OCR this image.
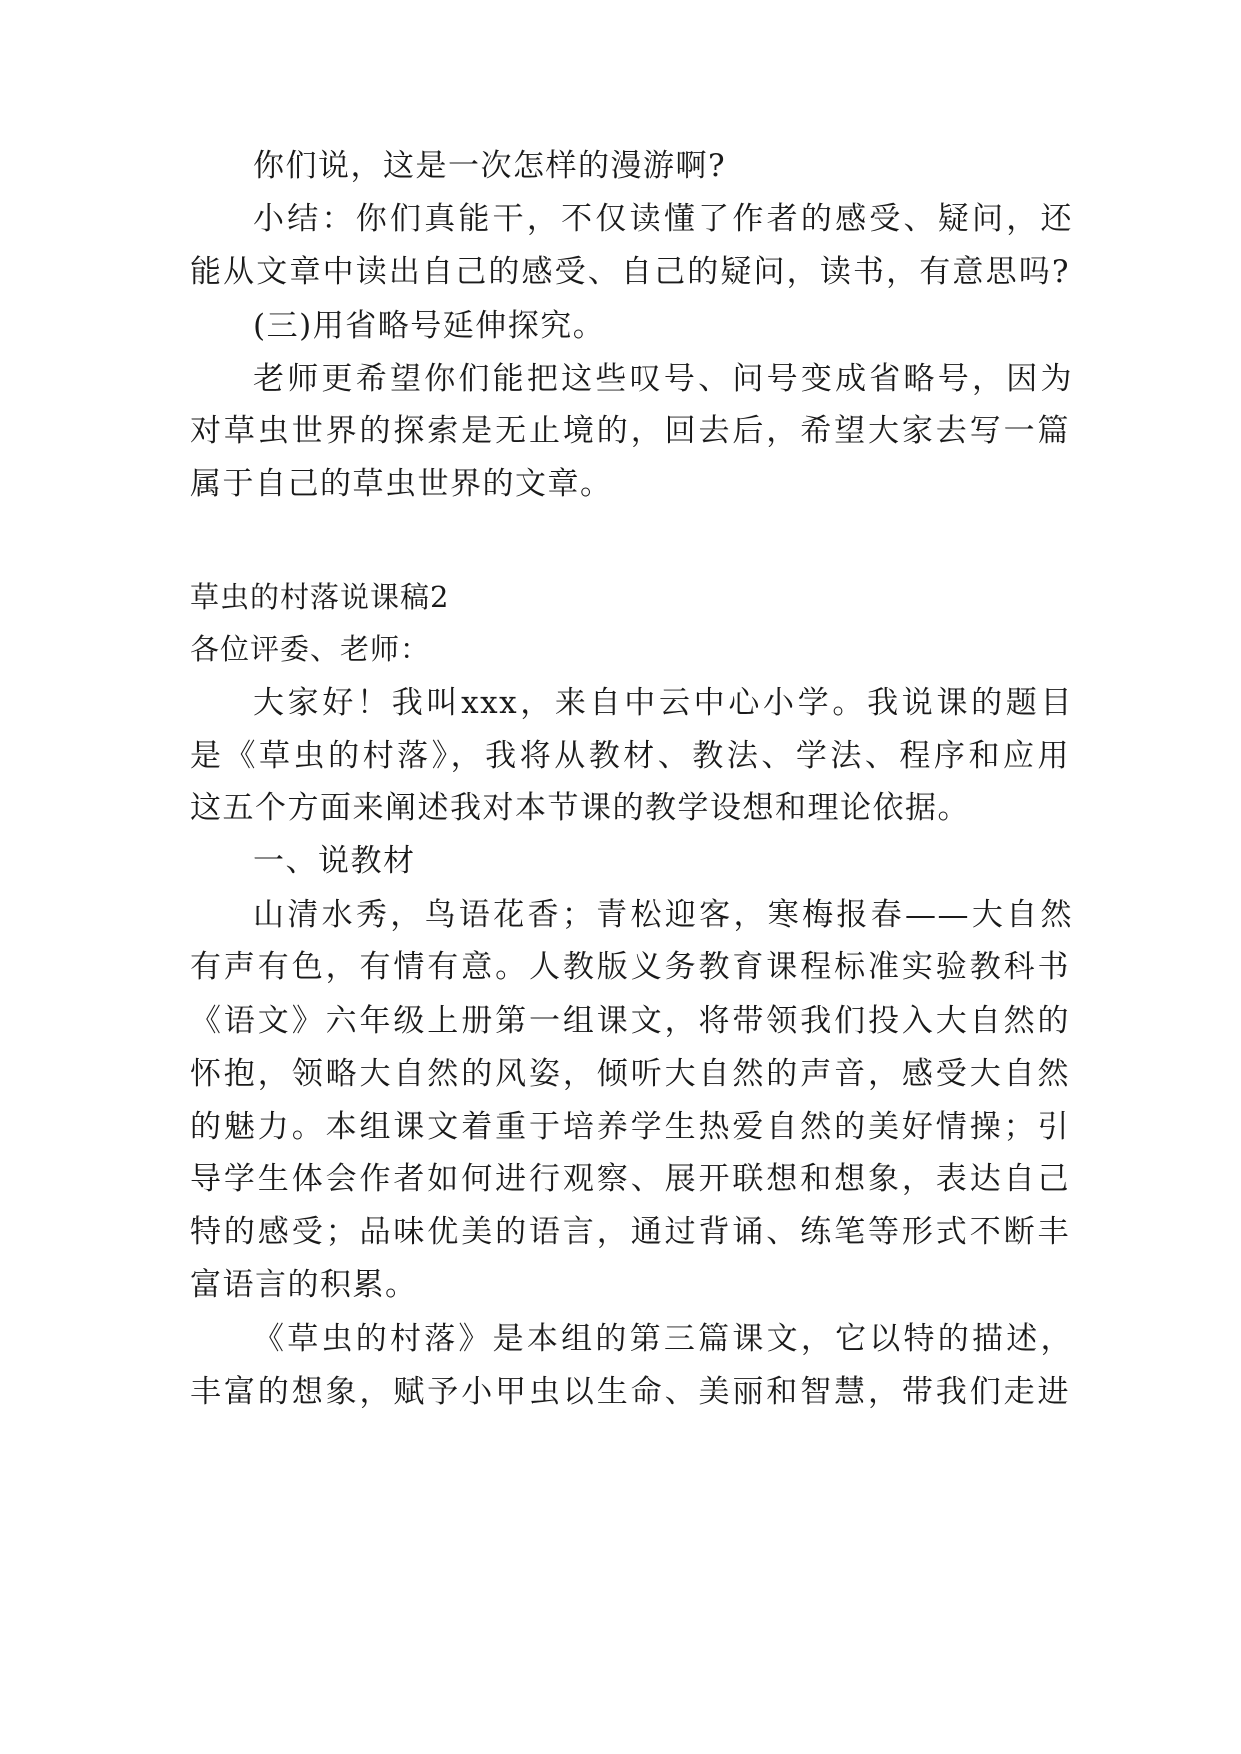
你们说，这是一次怎样的漫游啊?
小结：你们真能干，不仅读懂了作者的感受、疑问，还
能从文章中读出自己的感受、自己的疑问，读书，有意思吗?
(三)用省略号延伸探究。
老师更希望你们能把这些叹号、问号变成省略号，因为
对草虫世界的探索是无止境的，回去后，希望大家去写一篇
属于自己的草虫世界的文章。
草虫的村落说课稿2
各位评委、老师：
大家好！我叫xxx，来自中云中心小学。我说课的题目
是《草虫的村落》，我将从教材、教法、学法、程序和应用
这五个方面来阐述我对本节课的教学设想和理论依据。
一、说教材
山清水秀，鸟语花香；青松迎客，寒梅报春——大自然
有声有色，有情有意。人教版义务教育课程标准实验教科书
《语文》六年级上册第一组课文，将带领我们投入大自然的
怀抱，领略大自然的风姿，倾听大自然的声音，感受大自然
的魅力。本组课文着重于培养学生热爱自然的美好情操；引
导学生体会作者如何进行观察、展开联想和想象，表达自己
特的感受；品味优美的语言，通过背诵、练笔等形式不断丰
富语言的积累。
《草虫的村落》是本组的第三篇课文，它以特的描述，
丰富的想象，赋予小甲虫以生命、美丽和智慧，带我们走进
